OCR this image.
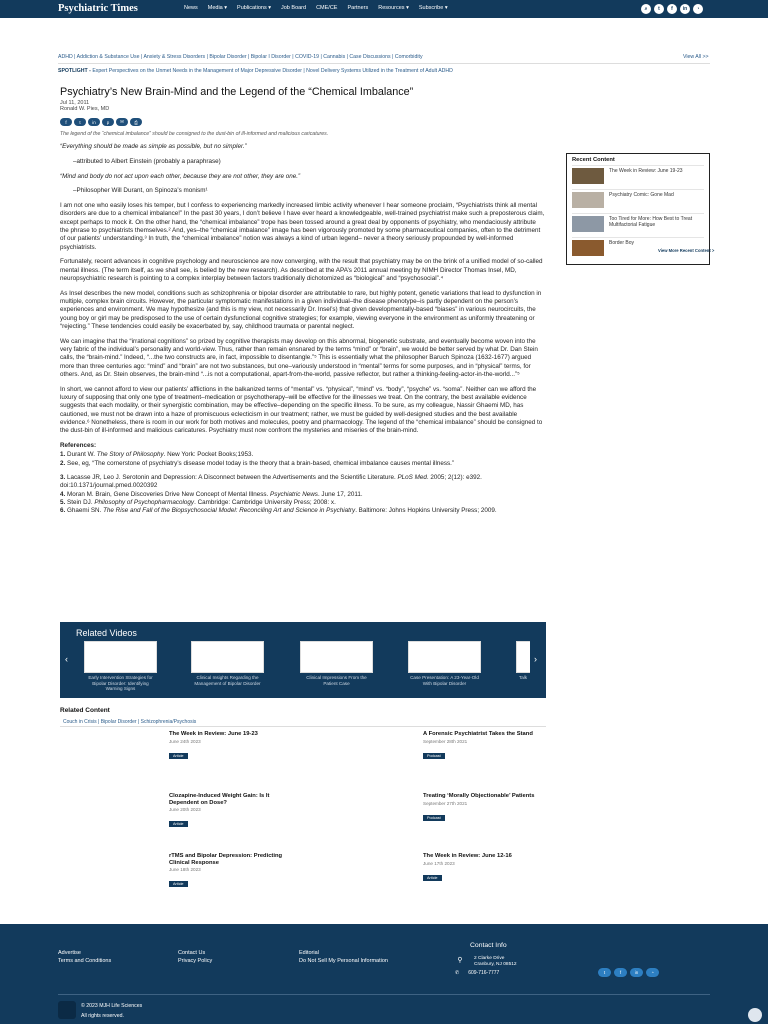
Psychiatric Times	News Media ▾ Publications ▾ Job Board CME/CE Partners Resources ▾ Subscribe ▾	⌕	t	f	in	◔
ADHD | Addiction & Substance Use | Anxiety & Stress Disorders | Bipolar Disorder | Bipolar I Disorder | COVID-19 | Cannabis | Case Discussions | Comorbidity	View All >>
SPOTLIGHT - Expert Perspectives on the Unmet Needs in the Management of Major Depressive Disorder | Novel Delivery Systems Utilized in the Treatment of Adult ADHD
Psychiatry’s New Brain-Mind and the Legend of the “Chemical Imbalance”
Jul 11, 2011
Ronald W. Pies, MD
f	t	in	p	✉	⎙
The legend of the “chemical imbalance” should be consigned to the dust-bin of ill-informed and malicious caricatures.

“Everything should be made as simple as possible, but no simpler.”

–attributed to Albert Einstein (probably a paraphrase)

“Mind and body do not act upon each other, because they are not other, they are one.”

–Philosopher Will Durant, on Spinoza’s monism¹

I am not one who easily loses his temper, but I confess to experiencing markedly increased limbic activity whenever I hear someone proclaim, “Psychiatrists think all mental disorders are due to a chemical imbalance!” In the past 30 years, I don’t believe I have ever heard a knowledgeable, well-trained psychiatrist make such a preposterous claim, except perhaps to mock it. On the other hand, the “chemical imbalance” trope has been tossed around a great deal by opponents of psychiatry, who mendaciously attribute the phrase to psychiatrists themselves.² And, yes–the “chemical imbalance” image has been vigorously promoted by some pharmaceutical companies, often to the detriment of our patients’ understanding.³ In truth, the “chemical imbalance” notion was always a kind of urban legend– never a theory seriously propounded by well-informed psychiatrists.

Fortunately, recent advances in cognitive psychology and neuroscience are now converging, with the result that psychiatry may be on the brink of a unified model of so-called mental illness. (The term itself, as we shall see, is belied by the new research). As described at the APA’s 2011 annual meeting by NIMH Director Thomas Insel, MD, neuropsychiatric research is pointing to a complex interplay between factors traditionally dichotomized as “biological” and “psychosocial”.⁴

As Insel describes the new model, conditions such as schizophrenia or bipolar disorder are attributable to rare, but highly potent, genetic variations that lead to dysfunction in multiple, complex brain circuits. However, the particular symptomatic manifestations in a given individual–the disease phenotype–is partly dependent on the person’s experiences and environment. We may hypothesize (and this is my view, not necessarily Dr. Insel’s) that given developmentally-based “biases” in various neurocircuits, the young boy or girl may be predisposed to the use of certain dysfunctional cognitive strategies; for example, viewing everyone in the environment as uniformly threatening or “rejecting.” These tendencies could easily be exacerbated by, say, childhood traumata or parental neglect.

We can imagine that the “irrational cognitions” so prized by cognitive therapists may develop on this abnormal, biogenetic substrate, and eventually become woven into the very fabric of the individual’s personality and world-view. Thus, rather than remain ensnared by the terms “mind” or “brain”, we would be better served by what Dr. Dan Stein calls, the “brain-mind.” Indeed, “...the two constructs are, in fact, impossible to disentangle.”⁵ This is essentially what the philosopher Baruch Spinoza (1632-1677) argued more than three centuries ago: “mind” and “brain” are not two substances, but one–variously understood in “mental” terms for some purposes, and in “physical” terms, for others. And, as Dr. Stein observes, the brain-mind “...is not a computational, apart-from-the-world, passive reflector, but rather a thinking-feeling-actor-in-the-world...”⁵

In short, we cannot afford to view our patients’ afflictions in the balkanized terms of “mental” vs. “physical”, “mind” vs. “body”, “psyche” vs. “soma”. Neither can we afford the luxury of supposing that only one type of treatment–medication or psychotherapy–will be effective for the illnesses we treat. On the contrary, the best available evidence suggests that each modality, or their synergistic combination, may be effective–depending on the specific illness. To be sure, as my colleague, Nassir Ghaemi MD, has cautioned, we must not be drawn into a haze of promiscuous eclecticism in our treatment; rather, we must be guided by well-designed studies and the best available evidence.⁶ Nonetheless, there is room in our work for both motives and molecules, poetry and pharmacology. The legend of the “chemical imbalance” should be consigned to the dust-bin of ill-informed and malicious caricatures. Psychiatry must now confront the mysteries and miseries of the brain-mind.

References:
1. Durant W. The Story of Philosophy. New York: Pocket Books;1953.
2. See, eg, “The cornerstone of psychiatry’s disease model today is the theory that a brain-based, chemical imbalance causes mental illness.”
3. Lacasse JR, Leo J. Serotonin and Depression: A Disconnect between the Advertisements and the Scientific Literature. PLoS Med. 2005; 2(12): e392. doi:10.1371/journal.pmed.0020392
4. Moran M. Brain, Gene Discoveries Drive New Concept of Mental Illness. Psychiatric News. June 17, 2011.
5. Stein DJ. Philosophy of Psychopharmacology. Cambridge: Cambridge University Press; 2008: x.
6. Ghaemi SN. The Rise and Fall of the Biopsychosocial Model: Reconciling Art and Science in Psychiatry. Baltimore: Johns Hopkins University Press; 2009.
Recent Content
The Week in Review: June 19-23
Psychiatry Comic: Gone Mad
Too Tired for More: How Best to Treat Multifactorial Fatigue
Border Boy
View More Recent Content >
Related Videos
‹
Early Intervention Strategies for Bipolar Disorder: Identifying Warning Signs
Clinical Insights Regarding the Management of Bipolar Disorder
Clinical Impressions From the Patient Case
Case Presentation: A 23-Year-Old With Bipolar Disorder
Talk
›
Related Content
Couch in Crisis | Bipolar Disorder | Schizophrenia/Psychosis
The Week in Review: June 19-23
June 24th 2023
Article
A Forensic Psychiatrist Takes the Stand
September 28th 2021
Podcast
Clozapine-Induced Weight Gain: Is It Dependent on Dose?
June 20th 2023
Article
Treating ‘Morally Objectionable’ Patients
September 27th 2021
Podcast
rTMS and Bipolar Depression: Predicting Clinical Response
June 18th 2023
Article
The Week in Review: June 12-16
June 17th 2023
Article
Advertise
Terms and Conditions
Contact Us
Privacy Policy
Editorial
Do Not Sell My Personal Information
Contact Info
⚲	2 Clarke Drive
Cranbury, NJ 08512
✆ 609-716-7777	t	f	in	◔
© 2023 MJH Life Sciences
All rights reserved.
